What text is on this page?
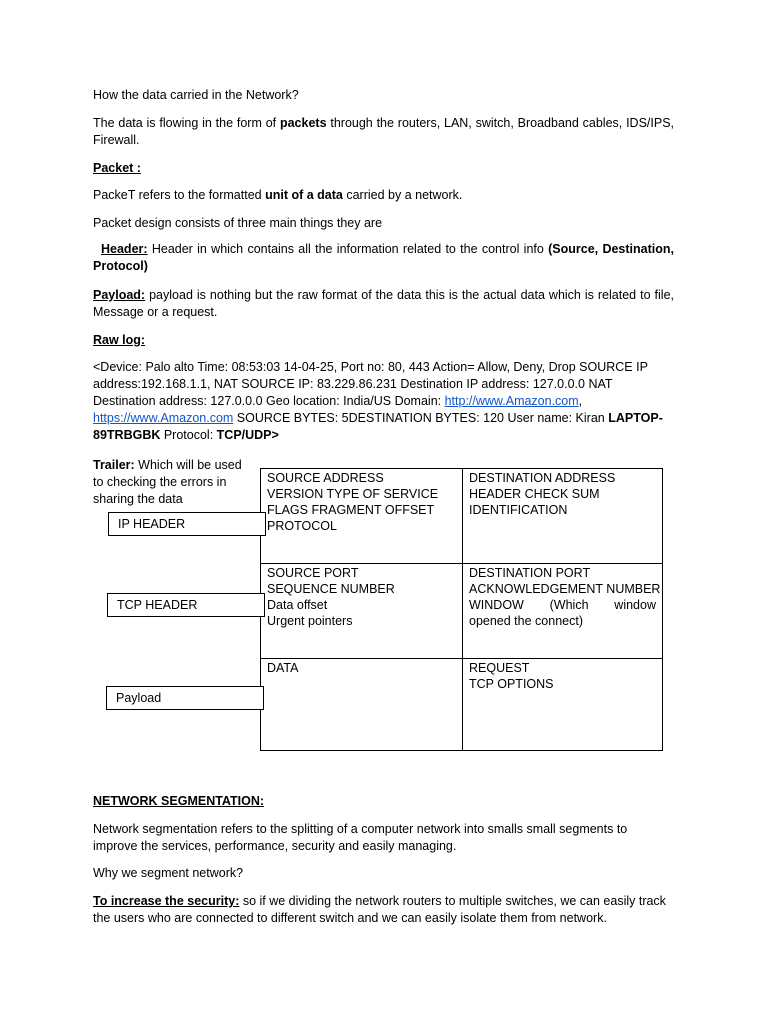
How the data carried in the Network?

The data is flowing in the form of packets through the routers, LAN, switch, Broadband cables, IDS/IPS, Firewall.

Packet :

PackeT refers to the formatted unit of a data carried by a network.

Packet design consists of three main things they are

Header: Header in which contains all the information related to the control info (Source, Destination, Protocol)

Payload: payload is nothing but the raw format of the data this is the actual data which is related to file, Message or a request.

Raw log:

<Device: Palo alto Time: 08:53:03 14-04-25, Port no: 80, 443 Action= Allow, Deny, Drop SOURCE IP address:192.168.1.1, NAT SOURCE IP: 83.229.86.231 Destination IP address: 127.0.0.0 NAT Destination address: 127.0.0.0 Geo location: India/US Domain: http://www.Amazon.com, https://www.Amazon.com SOURCE BYTES: 5DESTINATION BYTES: 120 User name: Kiran LAPTOP-89TRBGBK Protocol: TCP/UDP>

Trailer: Which will be used to checking the errors in sharing the data
SOURCE ADDRESS
VERSION TYPE OF SERVICE
FLAGS FRAGMENT OFFSET
PROTOCOL
DESTINATION ADDRESS
HEADER CHECK SUM
IDENTIFICATION
SOURCE PORT
SEQUENCE NUMBER
Data offset
Urgent pointers
DESTINATION PORT
ACKNOWLEDGEMENT NUMBER
WINDOW (Which window
opened the connect)
DATA	REQUEST
TCP OPTIONS
IP HEADER
TCP HEADER
Payload

NETWORK SEGMENTATION:

Network segmentation refers to the splitting of a computer network into smalls small segments to improve the services, performance, security and easily managing.

Why we segment network?

To increase the security: so if we dividing the network routers to multiple switches, we can easily track the users who are connected to different switch and we can easily isolate them from network.
